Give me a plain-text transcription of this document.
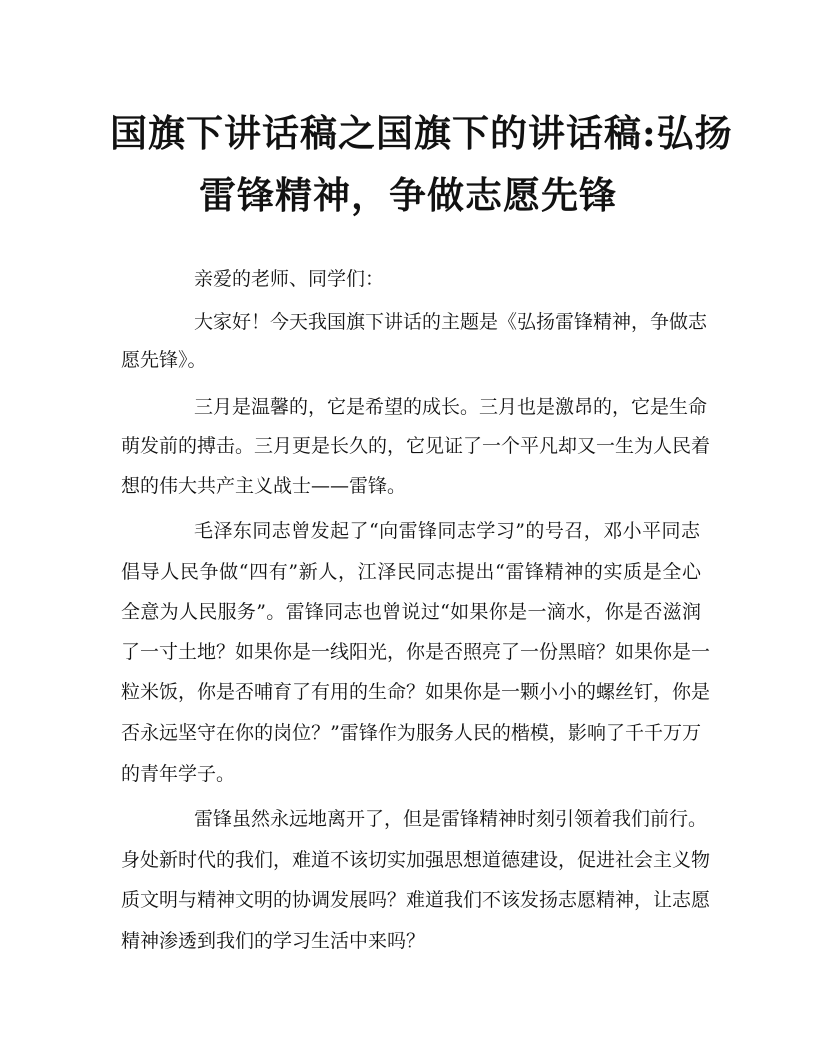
国旗下讲话稿之国旗下的讲话稿:弘扬
雷锋精神，争做志愿先锋

亲爱的老师、同学们：

大家好！今天我国旗下讲话的主题是《弘扬雷锋精神，争做志

愿先锋》。

三月是温馨的，它是希望的成长。三月也是激昂的，它是生命

萌发前的搏击。三月更是长久的，它见证了一个平凡却又一生为人民着

想的伟大共产主义战士——雷锋。

毛泽东同志曾发起了“向雷锋同志学习”的号召，邓小平同志

倡导人民争做“四有”新人，江泽民同志提出“雷锋精神的实质是全心

全意为人民服务”。雷锋同志也曾说过“如果你是一滴水，你是否滋润

了一寸土地？如果你是一线阳光，你是否照亮了一份黑暗？如果你是一

粒米饭，你是否哺育了有用的生命？如果你是一颗小小的螺丝钉，你是

否永远坚守在你的岗位？”雷锋作为服务人民的楷模，影响了千千万万

的青年学子。

雷锋虽然永远地离开了，但是雷锋精神时刻引领着我们前行。

身处新时代的我们，难道不该切实加强思想道德建设，促进社会主义物

质文明与精神文明的协调发展吗？难道我们不该发扬志愿精神，让志愿

精神渗透到我们的学习生活中来吗？
